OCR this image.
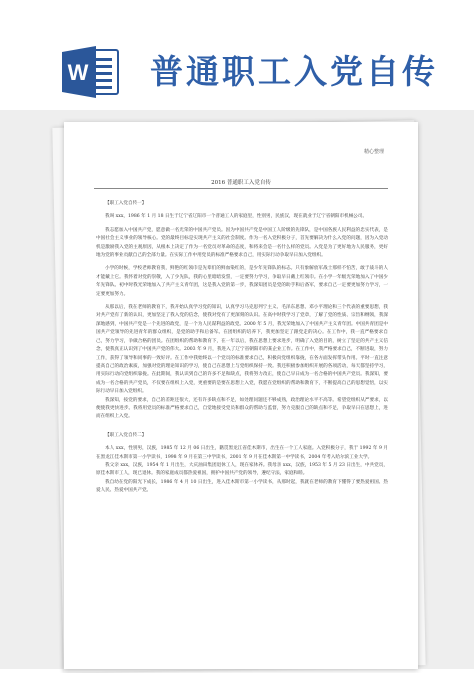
W 普通职工入党自传
精心整理
2016 普通职工入党自传

【职工入党自传一】

我叫 xxx，1986 年 1 月 18 日生于辽宁省辽阳市一个普通工人的家庭里，性别男，民族汉，现在就业于辽宁省朝阳市机械公司。

我志愿加入中国共产党，愿意做一名光荣的中国共产党员。因为中国共产党是中国工人阶级的先锋队，是中国各族人民利益的忠实代表，是中国社会主义事业的领导核心。党的最终目标是实现共产主义的社会制度。作为一名入党积极分子，首先要解决为什么入党的问题，因为入党动机是激励我入党的主观原因，从根本上决定了作为一名党员对革命的态度，和将来会是一名什么样的党员。入党是为了更好地为人民服务，更好地为党的事业贡献自己的全部力量。在实际工作中用党员的标准严格要求自己，用实际行动争取早日加入党组织。

小学的时候，学校老师教育我，鲜艳的红领巾是先辈们的鲜血染红的，是少年先锋队的标志。只有象解放军战士那样不怕苦，敢于战斗的人才能戴上它。我怀着对党的崇敬，入了少先队，我的心里暗暗发誓，一定要努力学习，争取早日戴上红领巾。在小学一年级光荣地加入了中国少年先锋队。初中时我光荣地加入了共产主义青年团，这是我入党的第一步，我深知团员是党的助手和后备军，要求自己一定要更加努力学习，一定要更加努力。

从那以后，我在老师的教育下，我开始认真学习党的知识，认真学习马克思列宁主义、毛泽东思想、邓小平理论和三个代表的重要思想，我对共产党有了新的认识，更加坚定了我入党的信念，使我对党有了更深刻的认识。在高中时我学习了党章，了解了党的性质、宗旨和纲领，我深深地感到，中国共产党是一个先进的政党，是一个为人民谋利益的政党。2000 年 5 月，我光荣地加入了中国共产主义青年团。中国共青团是中国共产党领导的先进青年的群众组织，是党的助手和后备军。在团组织的培养下，我更加坚定了跟党走的决心。在工作中，我一直严格要求自己，努力学习，争做合格的团员。在团组织的帮助和教育下，在一年以后，我在思想上要求进步，明确了入党的目的，树立了坚定的共产主义信念，使我真正认识到了中国共产党的伟大。2003 年 9 月，我进入了辽宁省朝阳市的某企业工作。在工作中，我严格要求自己，不断进取，努力工作，获得了领导和同事的一致好评。在工作中我始终以一个党员的标准要求自己，积极向党组织靠拢，在各方面发挥带头作用。平时一直注意提高自己的政治素质，加强对党的理论知识的学习，使自己在思想上与党组织保持一致。我还积极参加组织开展的各项活动，每天都坚持学习，用实际行动向党组织靠拢。在此期间，我认识到自己的许多不足和缺点，我将努力改正，使自己早日成为一名合格的中国共产党员。我深知，要成为一名合格的共产党员，不仅要在组织上入党，更重要的是要在思想上入党，我愿在党组织的帮助和教育下，不断提高自己的思想觉悟，以实际行动早日加入党组织。

我深知，按党的要求，自己的差距还很大，还有许多缺点和不足，如处理问题还不够成熟，政治理论水平不高等。希望党组织从严要求，以便使我更快进步。我将用党员的标准严格要求自己，自觉地接受党员和群众的帮助与监督，努力克服自己的缺点和不足，争取早日在思想上，进而在组织上入党。

【职工入党自传二】

本人 xxx，性别男，汉族，1985 年 12 月 06 日出生，籍贯黑龙江省佳木斯市，出生在一个工人家庭。入党积极分子，我于 1992 年 9 月在黑龙江佳木斯市第一小学读书，1998 年 9 月在第三中学读书，2001 年 9 月在佳木斯第一中学读书，2004 年考入哈尔滨工业大学。

我父亲 xxx，汉族，1954 年 1 月出生，大庆油田集团退休工人，现在家休养。我母亲 xxx，汉族，1953 年 5 月 23 日出生，中共党员，原佳木斯市工人，现已退休。我的家庭成员都热爱祖国，拥护中国共产党的领导，遵纪守法，家庭和睦。

我自幼在党的阳光下成长，1986 年 4 月 10 日出生，进入佳木斯市第一小学读书，从那时起，我就在老师的教育下懂得了要热爱祖国、热爱人民、热爱中国共产党。
